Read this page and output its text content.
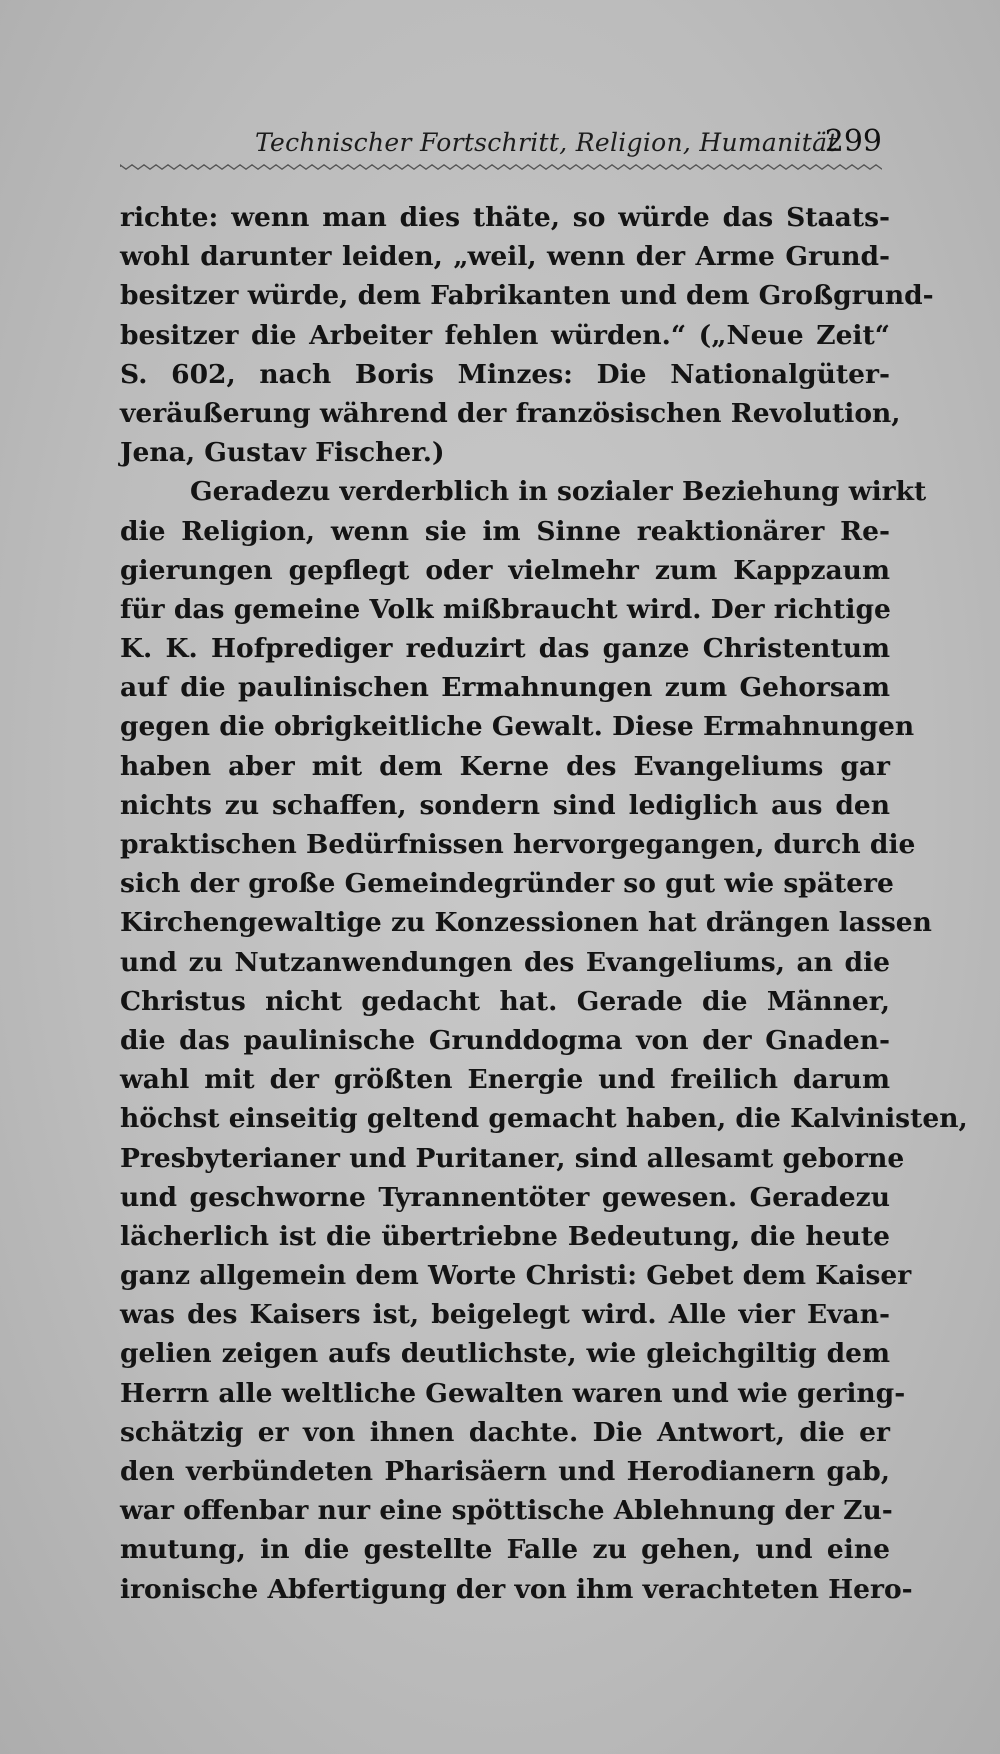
Technischer Fortschritt, Religion, Humanität
299
richte: wenn man dies thäte, so würde das Staats-
wohl darunter leiden, „weil, wenn der Arme Grund-
besitzer würde, dem Fabrikanten und dem Großgrund-
besitzer die Arbeiter fehlen würden.“ („Neue Zeit“
S. 602, nach Boris Minzes: Die Nationalgüter-
veräußerung während der französischen Revolution,
Jena, Gustav Fischer.)
Geradezu verderblich in sozialer Beziehung wirkt
die Religion, wenn sie im Sinne reaktionärer Re-
gierungen gepflegt oder vielmehr zum Kappzaum
für das gemeine Volk mißbraucht wird. Der richtige
K. K. Hofprediger reduzirt das ganze Christentum
auf die paulinischen Ermahnungen zum Gehorsam
gegen die obrigkeitliche Gewalt. Diese Ermahnungen
haben aber mit dem Kerne des Evangeliums gar
nichts zu schaffen, sondern sind lediglich aus den
praktischen Bedürfnissen hervorgegangen, durch die
sich der große Gemeindegründer so gut wie spätere
Kirchengewaltige zu Konzessionen hat drängen lassen
und zu Nutzanwendungen des Evangeliums, an die
Christus nicht gedacht hat. Gerade die Männer,
die das paulinische Grunddogma von der Gnaden-
wahl mit der größten Energie und freilich darum
höchst einseitig geltend gemacht haben, die Kalvinisten,
Presbyterianer und Puritaner, sind allesamt geborne
und geschworne Tyrannentöter gewesen. Geradezu
lächerlich ist die übertriebne Bedeutung, die heute
ganz allgemein dem Worte Christi: Gebet dem Kaiser
was des Kaisers ist, beigelegt wird. Alle vier Evan-
gelien zeigen aufs deutlichste, wie gleichgiltig dem
Herrn alle weltliche Gewalten waren und wie gering-
schätzig er von ihnen dachte. Die Antwort, die er
den verbündeten Pharisäern und Herodianern gab,
war offenbar nur eine spöttische Ablehnung der Zu-
mutung, in die gestellte Falle zu gehen, und eine
ironische Abfertigung der von ihm verachteten Hero-
